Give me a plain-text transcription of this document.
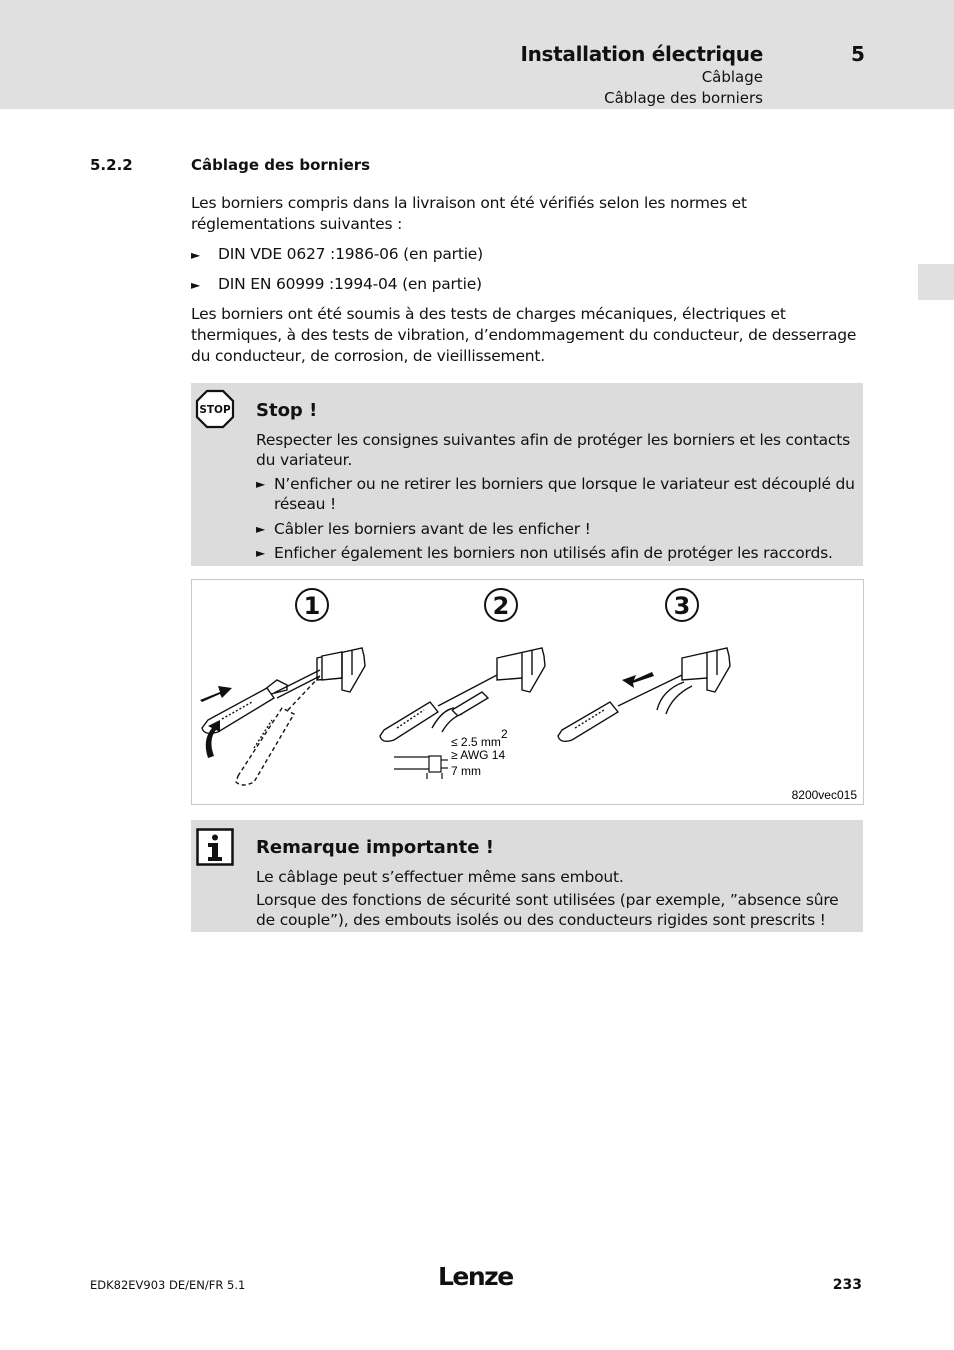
Installation électrique	5
Câblage
Câblage des borniers
5.2.2	Câblage des borniers
Les borniers compris dans la livraison ont été vérifiés selon les normes et réglementations suivantes :
► DIN VDE 0627 :1986-06 (en partie)
► DIN EN 60999 :1994-04 (en partie)
Les borniers ont été soumis à des tests de charges mécaniques, électriques et thermiques, à des tests de vibration, d’endommagement du conducteur, de desserrage du conducteur, de corrosion, de vieillissement.
STOP Stop !
Respecter les consignes suivantes afin de protéger les borniers et les contacts du variateur.
► N’enficher ou ne retirer les borniers que lorsque le variateur est découplé du réseau !
► Câbler les borniers avant de les enficher !
► Enficher également les borniers non utilisés afin de protéger les raccords.
1	2	3
≤ 2.5 mm
2
≥ AWG 14
7 mm
8200vec015
Remarque importante !
Le câblage peut s’effectuer même sans embout.
Lorsque des fonctions de sécurité sont utilisées (par exemple, ”absence sûre de couple”), des embouts isolés ou des conducteurs rigides sont prescrits !
EDK82EV903 DE/EN/FR 5.1	Lenze	233
